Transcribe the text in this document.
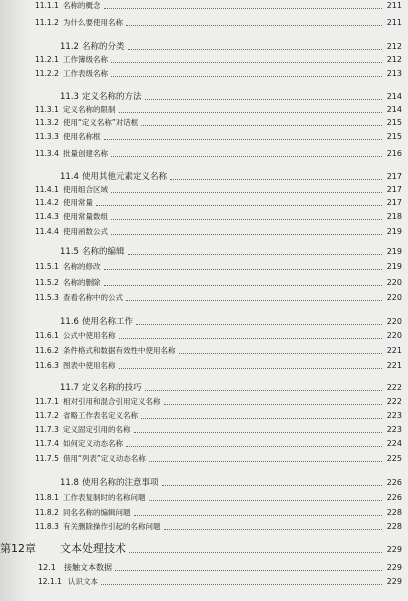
11.1.1 名称的概念	211
11.1.2 为什么要使用名称	211
11.2 名称的分类	212
11.2.1 工作簿级名称	212
11.2.2 工作表级名称	213
11.3 定义名称的方法	214
11.3.1 定义名称的限制	214
11.3.2 使用“定义名称”对话框	215
11.3.3 使用名称框	215
11.3.4 批量创建名称	216
11.4 使用其他元素定义名称	217
11.4.1 使用组合区域	217
11.4.2 使用常量	217
11.4.3 使用常量数组	218
11.4.4 使用函数公式	219
11.5 名称的编辑	219
11.5.1 名称的修改	219
11.5.2 名称的删除	220
11.5.3 查看名称中的公式	220
11.6 使用名称工作	220
11.6.1 公式中使用名称	220
11.6.2 条件格式和数据有效性中使用名称	221
11.6.3 图表中使用名称	221
11.7 定义名称的技巧	222
11.7.1 相对引用和混合引用定义名称	222
11.7.2 省略工作表名定义名称	223
11.7.3 定义固定引用的名称	223
11.7.4 如何定义动态名称	224
11.7.5 借用“列表”定义动态名称	225
11.8 使用名称的注意事项	226
11.8.1 工作表复制时的名称问题	226
11.8.2 同名名称的编辑问题	228
11.8.3 有关删除操作引起的名称问题	228
第12章 文本处理技术	229
12.1 接触文本数据	229
12.1.1 认识文本	229
